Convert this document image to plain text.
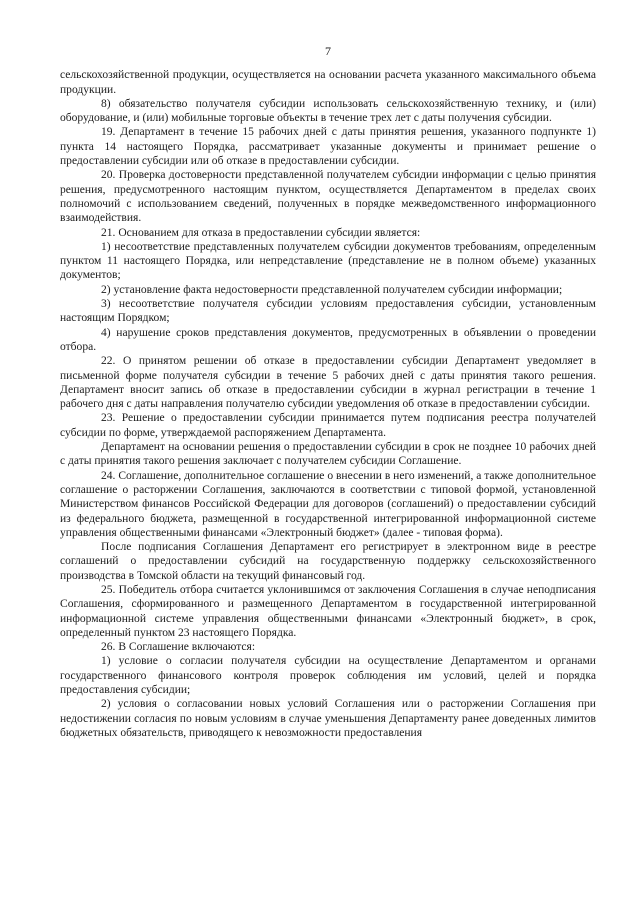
7

сельскохозяйственной продукции, осуществляется на основании расчета указанного максимального объема продукции.

8) обязательство получателя субсидии использовать сельскохозяйственную технику, и (или) оборудование, и (или) мобильные торговые объекты в течение трех лет с даты получения субсидии.

19. Департамент в течение 15 рабочих дней с даты принятия решения, указанного подпункте 1) пункта 14 настоящего Порядка, рассматривает указанные документы и принимает решение о предоставлении субсидии или об отказе в предоставлении субсидии.

20. Проверка достоверности представленной получателем субсидии информации с целью принятия решения, предусмотренного настоящим пунктом, осуществляется Департаментом в пределах своих полномочий с использованием сведений, полученных в порядке межведомственного информационного взаимодействия.

21. Основанием для отказа в предоставлении субсидии является:

1) несоответствие представленных получателем субсидии документов требованиям, определенным пунктом 11 настоящего Порядка, или непредставление (представление не в полном объеме) указанных документов;

2) установление факта недостоверности представленной получателем субсидии информации;

3) несоответствие получателя субсидии условиям предоставления субсидии, установленным настоящим Порядком;

4) нарушение сроков представления документов, предусмотренных в объявлении о проведении отбора.

22. О принятом решении об отказе в предоставлении субсидии Департамент уведомляет в письменной форме получателя субсидии в течение 5 рабочих дней с даты принятия такого решения. Департамент вносит запись об отказе в предоставлении субсидии в журнал регистрации в течение 1 рабочего дня с даты направления получателю субсидии уведомления об отказе в предоставлении субсидии.

23. Решение о предоставлении субсидии принимается путем подписания реестра получателей субсидии по форме, утверждаемой распоряжением Департамента.

Департамент на основании решения о предоставлении субсидии в срок не позднее 10 рабочих дней с даты принятия такого решения заключает с получателем субсидии Соглашение.

24. Соглашение, дополнительное соглашение о внесении в него изменений, а также дополнительное соглашение о расторжении Соглашения, заключаются в соответствии с типовой формой, установленной Министерством финансов Российской Федерации для договоров (соглашений) о предоставлении субсидий из федерального бюджета, размещенной в государственной интегрированной информационной системе управления общественными финансами «Электронный бюджет» (далее - типовая форма).

После подписания Соглашения Департамент его регистрирует в электронном виде в реестре соглашений о предоставлении субсидий на государственную поддержку сельскохозяйственного производства в Томской области на текущий финансовый год.

25. Победитель отбора считается уклонившимся от заключения Соглашения в случае неподписания Соглашения, сформированного и размещенного Департаментом в государственной интегрированной информационной системе управления общественными финансами «Электронный бюджет», в срок, определенный пунктом 23 настоящего Порядка.

26. В Соглашение включаются:

1) условие о согласии получателя субсидии на осуществление Департаментом и органами государственного финансового контроля проверок соблюдения им условий, целей и порядка предоставления субсидии;

2) условия о согласовании новых условий Соглашения или о расторжении Соглашения при недостижении согласия по новым условиям в случае уменьшения Департаменту ранее доведенных лимитов бюджетных обязательств, приводящего к невозможности предоставления
